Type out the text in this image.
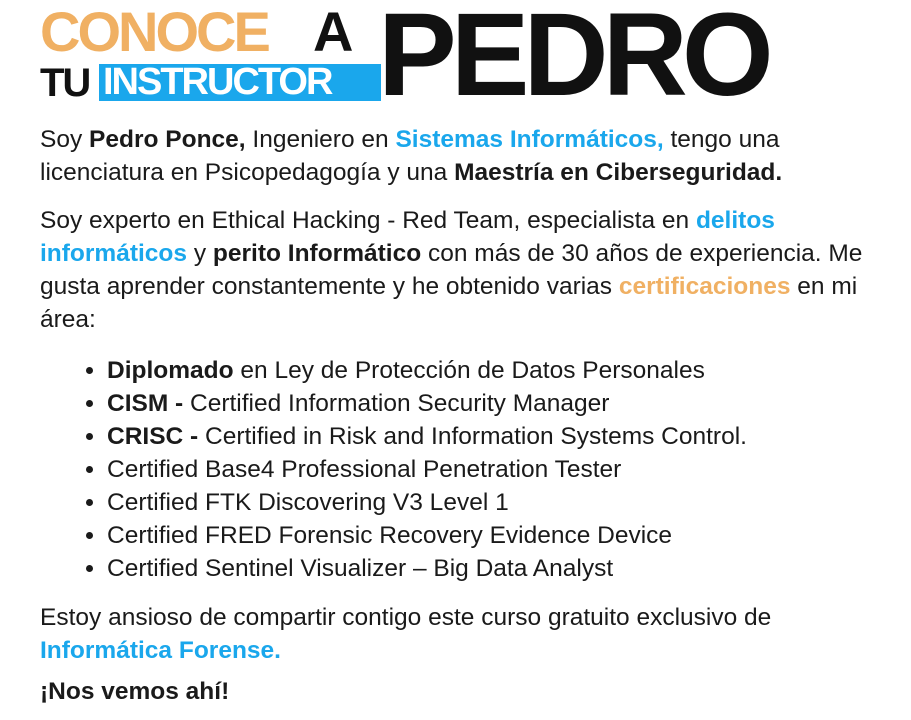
CONOCE A
TU INSTRUCTOR PEDRO

Soy Pedro Ponce, Ingeniero en Sistemas Informáticos, tengo una licenciatura en Psicopedagogía y una Maestría en Ciberseguridad.

Soy experto en Ethical Hacking - Red Team, especialista en delitos informáticos y perito Informático con más de 30 años de experiencia. Me gusta aprender constantemente y he obtenido varias certificaciones en mi área:

• Diplomado en Ley de Protección de Datos Personales
• CISM - Certified Information Security Manager
• CRISC - Certified in Risk and Information Systems Control.
• Certified Base4 Professional Penetration Tester
• Certified FTK Discovering V3 Level 1
• Certified FRED Forensic Recovery Evidence Device
• Certified Sentinel Visualizer – Big Data Analyst

Estoy ansioso de compartir contigo este curso gratuito exclusivo de Informática Forense.

¡Nos vemos ahí!
